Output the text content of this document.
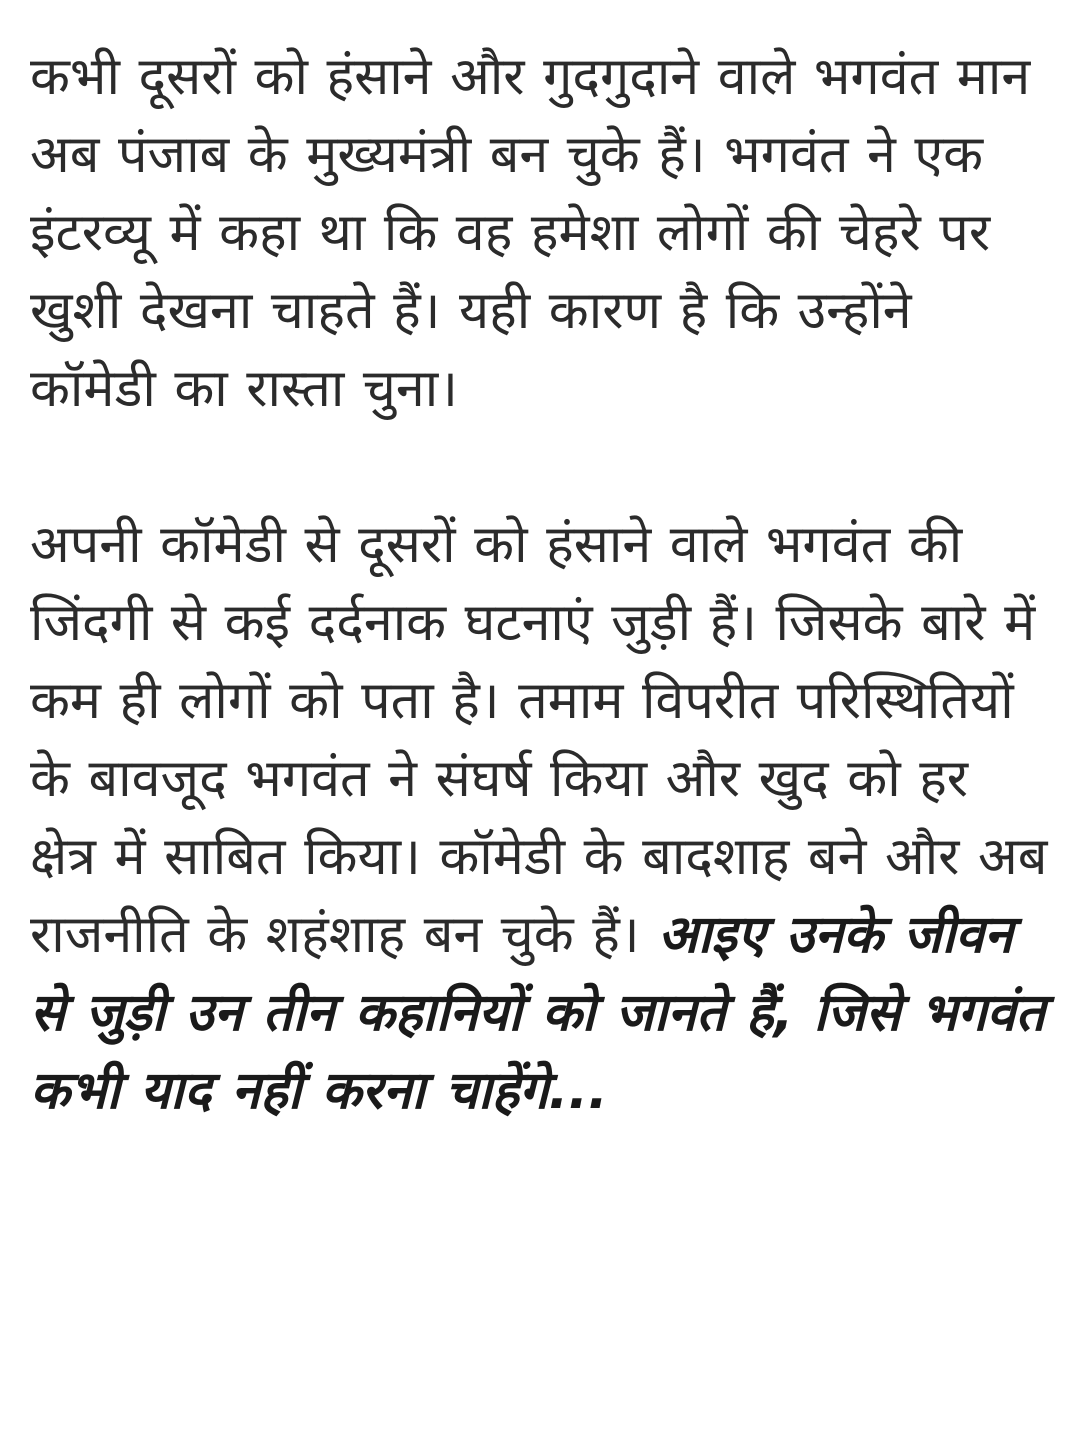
कभी दूसरों को हंसाने और गुदगुदाने वाले भगवंत मान अब पंजाब के मुख्यमंत्री बन चुके हैं। भगवंत ने एक इंटरव्यू में कहा था कि वह हमेशा लोगों की चेहरे पर खुशी देखना चाहते हैं। यही कारण है कि उन्होंने कॉमेडी का रास्ता चुना।

अपनी कॉमेडी से दूसरों को हंसाने वाले भगवंत की जिंदगी से कई दर्दनाक घटनाएं जुड़ी हैं। जिसके बारे में कम ही लोगों को पता है। तमाम विपरीत परिस्थितियों के बावजूद भगवंत ने संघर्ष किया और खुद को हर क्षेत्र में साबित किया। कॉमेडी के बादशाह बने और अब राजनीति के शहंशाह बन चुके हैं। आइए उनके जीवन से जुड़ी उन तीन कहानियों को जानते हैं, जिसे भगवंत कभी याद नहीं करना चाहेंगे...
